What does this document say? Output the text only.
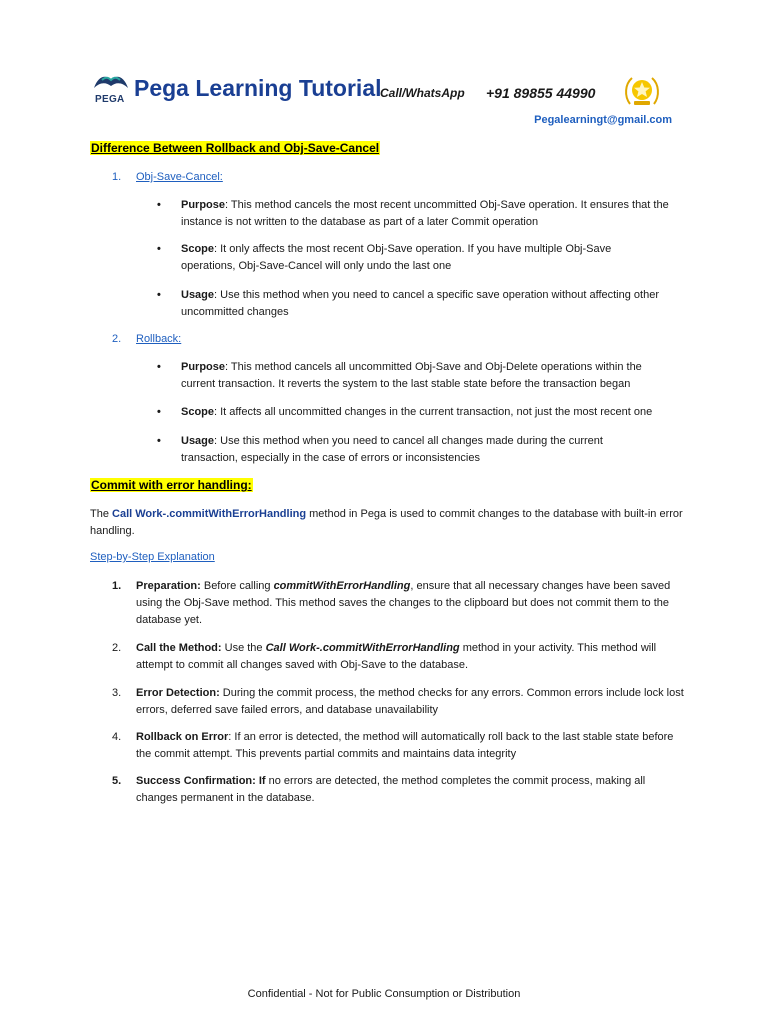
PEGA Pega Learning Tutorial
Call/WhatsApp +91 89855 44990
Pegalearningt@gmail.com
Difference Between Rollback and Obj-Save-Cancel
1. Obj-Save-Cancel:
• Purpose: This method cancels the most recent uncommitted Obj-Save operation. It ensures that the instance is not written to the database as part of a later Commit operation
• Scope: It only affects the most recent Obj-Save operation. If you have multiple Obj-Save operations, Obj-Save-Cancel will only undo the last one
• Usage: Use this method when you need to cancel a specific save operation without affecting other uncommitted changes
2. Rollback:
• Purpose: This method cancels all uncommitted Obj-Save and Obj-Delete operations within the current transaction. It reverts the system to the last stable state before the transaction began
• Scope: It affects all uncommitted changes in the current transaction, not just the most recent one
• Usage: Use this method when you need to cancel all changes made during the current transaction, especially in the case of errors or inconsistencies
Commit with error handling:
The Call Work-.commitWithErrorHandling method in Pega is used to commit changes to the database with built-in error handling.
Step-by-Step Explanation
1.	Preparation: Before calling commitWithErrorHandling, ensure that all necessary changes have been saved using the Obj-Save method. This method saves the changes to the clipboard but does not commit them to the database yet.
2.	Call the Method: Use the Call Work-.commitWithErrorHandling method in your activity. This method will attempt to commit all changes saved with Obj-Save to the database.
3.	Error Detection: During the commit process, the method checks for any errors. Common errors include lock lost errors, deferred save failed errors, and database unavailability
4.	Rollback on Error: If an error is detected, the method will automatically roll back to the last stable state before the commit attempt. This prevents partial commits and maintains data integrity
5.	Success Confirmation: If no errors are detected, the method completes the commit process, making all changes permanent in the database.
Confidential - Not for Public Consumption or Distribution
